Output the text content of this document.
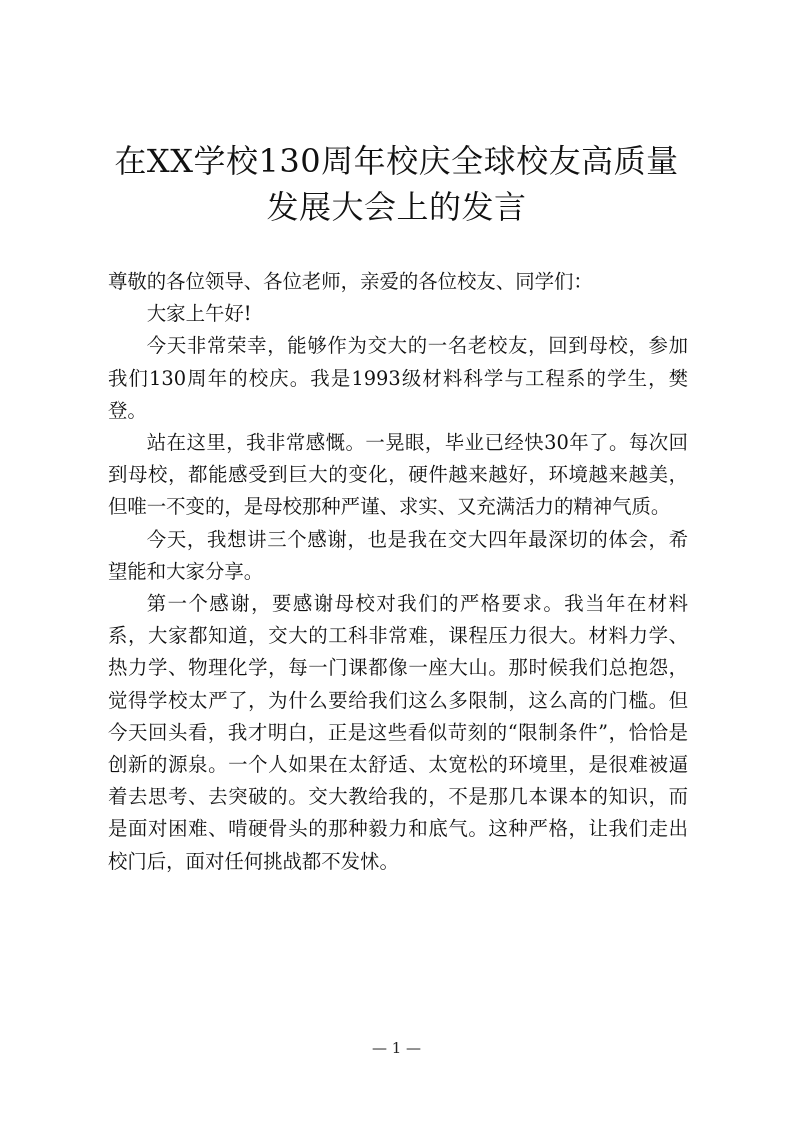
在XX学校130周年校庆全球校友高质量
发展大会上的发言

尊敬的各位领导、各位老师，亲爱的各位校友、同学们：

大家上午好!

今天非常荣幸，能够作为交大的一名老校友，回到母校，参加我们130周年的校庆。我是1993级材料科学与工程系的学生，樊登。

站在这里，我非常感慨。一晃眼，毕业已经快30年了。每次回到母校，都能感受到巨大的变化，硬件越来越好，环境越来越美，但唯一不变的，是母校那种严谨、求实、又充满活力的精神气质。

今天，我想讲三个感谢，也是我在交大四年最深切的体会，希望能和大家分享。

第一个感谢，要感谢母校对我们的严格要求。我当年在材料系，大家都知道，交大的工科非常难，课程压力很大。材料力学、热力学、物理化学，每一门课都像一座大山。那时候我们总抱怨，觉得学校太严了，为什么要给我们这么多限制，这么高的门槛。但今天回头看，我才明白，正是这些看似苛刻的“限制条件”，恰恰是创新的源泉。一个人如果在太舒适、太宽松的环境里，是很难被逼着去思考、去突破的。交大教给我的，不是那几本课本的知识，而是面对困难、啃硬骨头的那种毅力和底气。这种严格，让我们走出校门后，面对任何挑战都不发怵。

— 1 —
